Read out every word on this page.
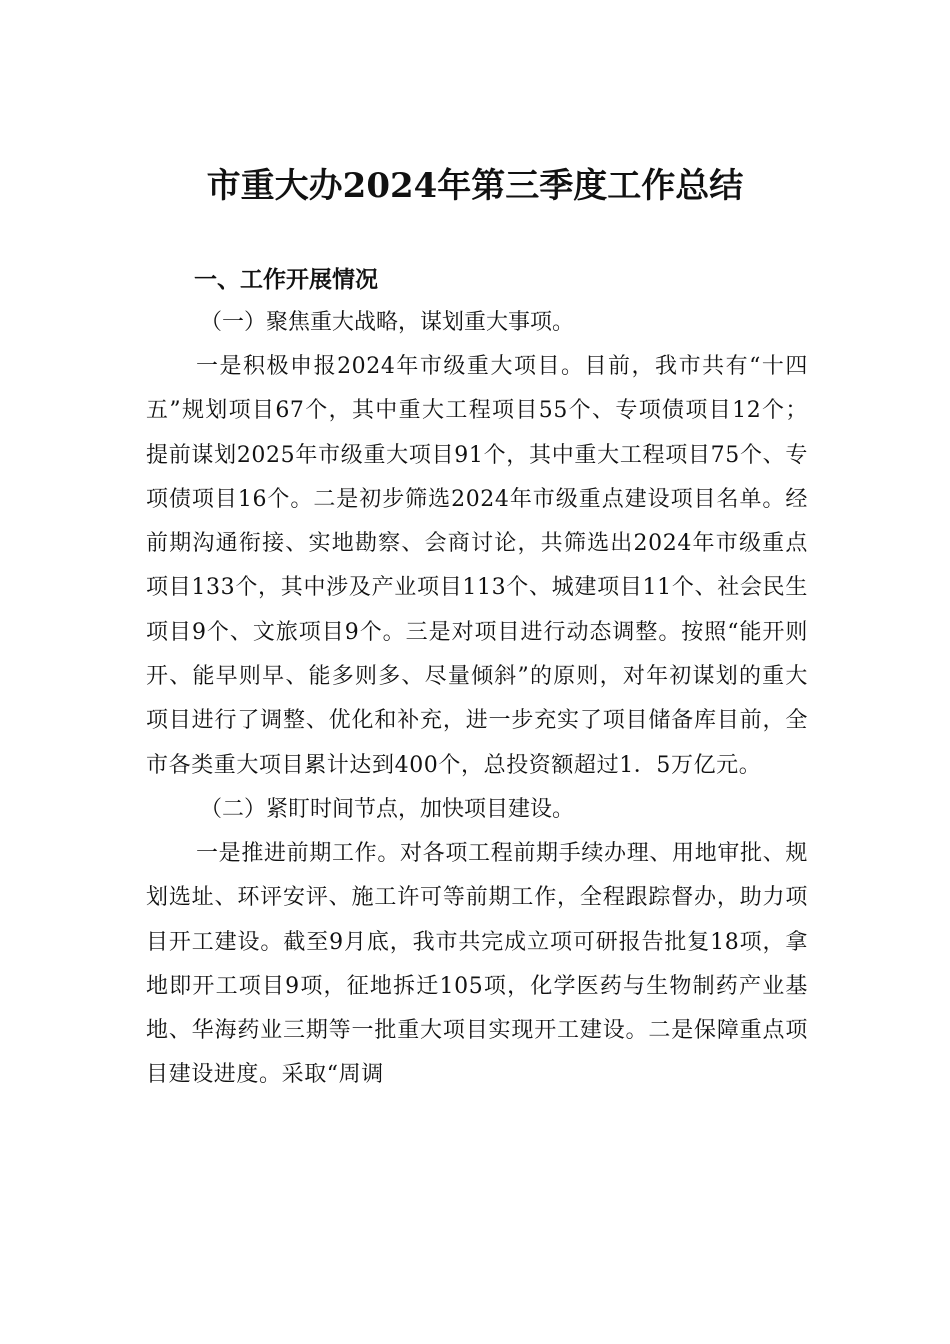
市重大办2024年第三季度工作总结

一、工作开展情况

（一）聚焦重大战略，谋划重大事项。

一是积极申报2024年市级重大项目。目前，我市共有“十四五”规划项目67个，其中重大工程项目55个、专项债项目12个；提前谋划2025年市级重大项目91个，其中重大工程项目75个、专项债项目16个。二是初步筛选2024年市级重点建设项目名单。经前期沟通衔接、实地勘察、会商讨论，共筛选出2024年市级重点项目133个，其中涉及产业项目113个、城建项目11个、社会民生项目9个、文旅项目9个。三是对项目进行动态调整。按照“能开则开、能早则早、能多则多、尽量倾斜”的原则，对年初谋划的重大项目进行了调整、优化和补充，进一步充实了项目储备库目前，全市各类重大项目累计达到400个，总投资额超过1．5万亿元。

（二）紧盯时间节点，加快项目建设。

一是推进前期工作。对各项工程前期手续办理、用地审批、规划选址、环评安评、施工许可等前期工作，全程跟踪督办，助力项目开工建设。截至9月底，我市共完成立项可研报告批复18项，拿地即开工项目9项，征地拆迁105项，化学医药与生物制药产业基地、华海药业三期等一批重大项目实现开工建设。二是保障重点项目建设进度。采取“周调
